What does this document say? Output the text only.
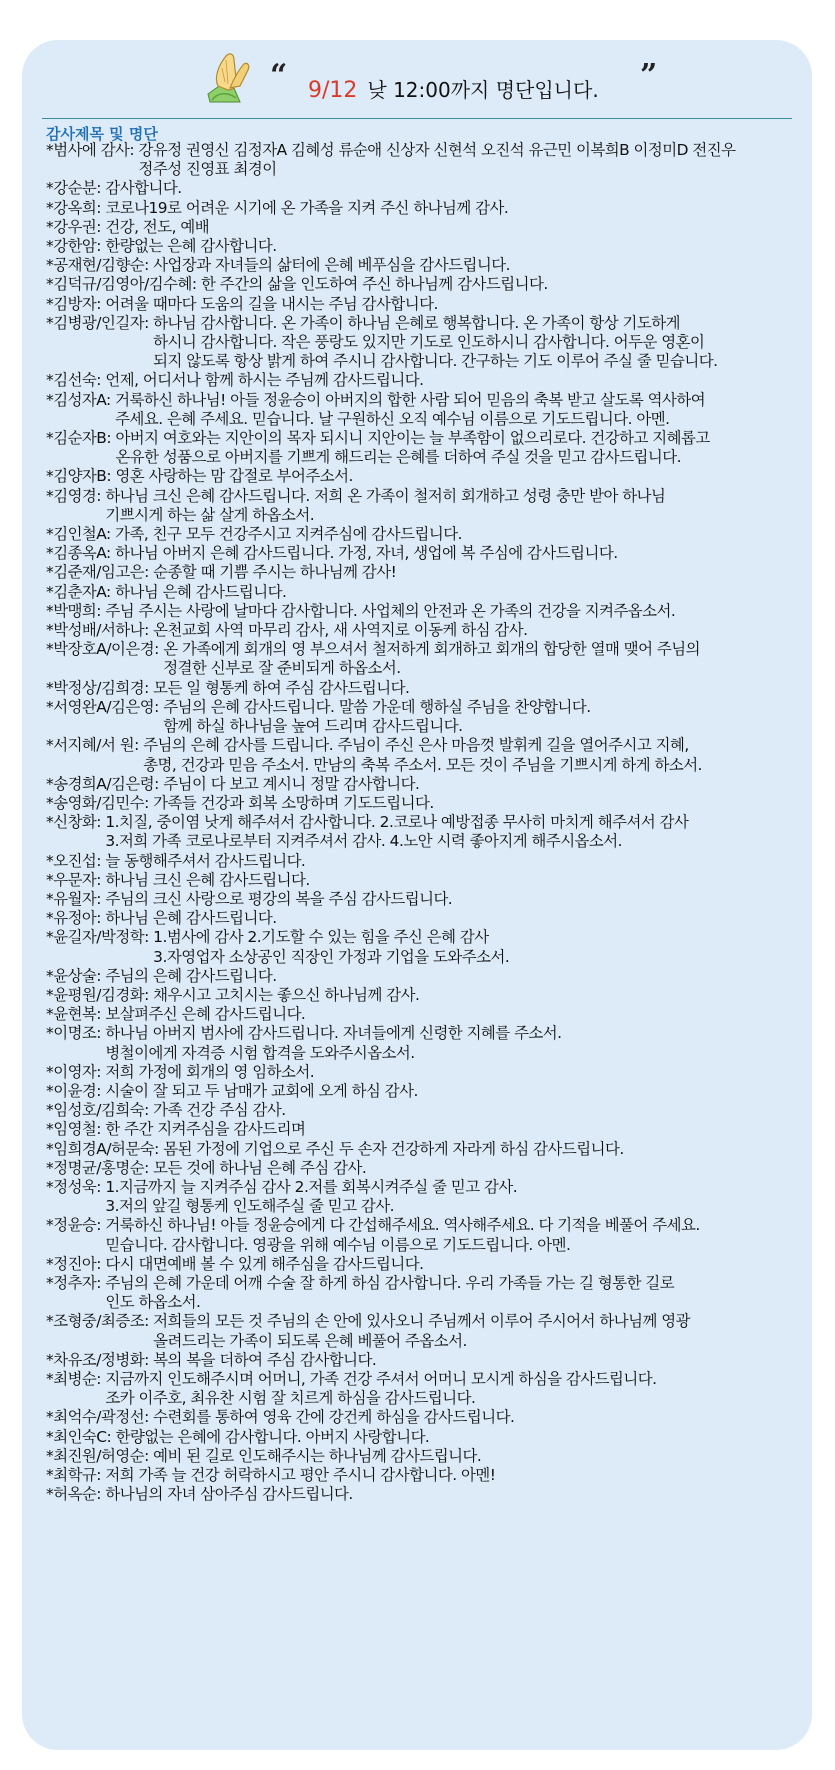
“ 9/12 낮 12:00까지 명단입니다. ”
감사제목 및 명단
*범사에 감사: 강유정 권영신 김정자A 김혜성 류순애 신상자 신현석 오진석 유근민 이복희B 이정미D 전진우
정주성 진영표 최경이
*강순분: 감사합니다.
*강옥희: 코로나19로 어려운 시기에 온 가족을 지켜 주신 하나님께 감사.
*강우권: 건강, 전도, 예배
*강한암: 한량없는 은혜 감사합니다.
*공재현/김향순: 사업장과 자녀들의 삶터에 은혜 베푸심을 감사드립니다.
*김덕규/김영아/김수혜: 한 주간의 삶을 인도하여 주신 하나님께 감사드립니다.
*김방자: 어려울 때마다 도움의 길을 내시는 주님 감사합니다.
*김병광/인길자: 하나님 감사합니다. 온 가족이 하나님 은혜로 행복합니다. 온 가족이 항상 기도하게
하시니 감사합니다. 작은 풍랑도 있지만 기도로 인도하시니 감사합니다. 어두운 영혼이
되지 않도록 항상 밝게 하여 주시니 감사합니다. 간구하는 기도 이루어 주실 줄 믿습니다.
*김선숙: 언제, 어디서나 함께 하시는 주님께 감사드립니다.
*김성자A: 거룩하신 하나님! 아들 정윤승이 아버지의 합한 사람 되어 믿음의 축복 받고 살도록 역사하여
주세요. 은혜 주세요. 믿습니다. 날 구원하신 오직 예수님 이름으로 기도드립니다. 아멘.
*김순자B: 아버지 여호와는 지안이의 목자 되시니 지안이는 늘 부족함이 없으리로다. 건강하고 지혜롭고
온유한 성품으로 아버지를 기쁘게 해드리는 은혜를 더하여 주실 것을 믿고 감사드립니다.
*김양자B: 영혼 사랑하는 맘 갑절로 부어주소서.
*김영경: 하나님 크신 은혜 감사드립니다. 저희 온 가족이 철저히 회개하고 성령 충만 받아 하나님
기쁘시게 하는 삶 살게 하옵소서.
*김인철A: 가족, 친구 모두 건강주시고 지켜주심에 감사드립니다.
*김종옥A: 하나님 아버지 은혜 감사드립니다. 가정, 자녀, 생업에 복 주심에 감사드립니다.
*김준재/임고은: 순종할 때 기쁨 주시는 하나님께 감사!
*김춘자A: 하나님 은혜 감사드립니다.
*박맹희: 주님 주시는 사랑에 날마다 감사합니다. 사업체의 안전과 온 가족의 건강을 지켜주옵소서.
*박성배/서하나: 온천교회 사역 마무리 감사, 새 사역지로 이동케 하심 감사.
*박장호A/이은경: 온 가족에게 회개의 영 부으셔서 철저하게 회개하고 회개의 합당한 열매 맺어 주님의
정결한 신부로 잘 준비되게 하옵소서.
*박정상/김희경: 모든 일 형통케 하여 주심 감사드립니다.
*서영완A/김은영: 주님의 은혜 감사드립니다. 말씀 가운데 행하실 주님을 찬양합니다.
함께 하실 하나님을 높여 드리며 감사드립니다.
*서지혜/서 원: 주님의 은혜 감사를 드립니다. 주님이 주신 은사 마음껏 발휘케 길을 열어주시고 지혜,
총명, 건강과 믿음 주소서. 만남의 축복 주소서. 모든 것이 주님을 기쁘시게 하게 하소서.
*송경희A/김은령: 주님이 다 보고 계시니 정말 감사합니다.
*송영화/김민수: 가족들 건강과 회복 소망하며 기도드립니다.
*신창화: 1.치질, 중이염 낫게 해주셔서 감사합니다. 2.코로나 예방접종 무사히 마치게 해주셔서 감사
3.저희 가족 코로나로부터 지켜주셔서 감사. 4.노안 시력 좋아지게 해주시옵소서.
*오진섭: 늘 동행해주셔서 감사드립니다.
*우문자: 하나님 크신 은혜 감사드립니다.
*유월자: 주님의 크신 사랑으로 평강의 복을 주심 감사드립니다.
*유정아: 하나님 은혜 감사드립니다.
*윤길자/박정학: 1.범사에 감사 2.기도할 수 있는 힘을 주신 은혜 감사
3.자영업자 소상공인 직장인 가정과 기업을 도와주소서.
*윤상술: 주님의 은혜 감사드립니다.
*윤평원/김경화: 채우시고 고치시는 좋으신 하나님께 감사.
*윤현복: 보살펴주신 은혜 감사드립니다.
*이명조: 하나님 아버지 범사에 감사드립니다. 자녀들에게 신령한 지혜를 주소서.
병철이에게 자격증 시험 합격을 도와주시옵소서.
*이영자: 저희 가정에 회개의 영 임하소서.
*이윤경: 시술이 잘 되고 두 남매가 교회에 오게 하심 감사.
*임성호/김희숙: 가족 건강 주심 감사.
*임영철: 한 주간 지켜주심을 감사드리며
*임희경A/허문숙: 몸된 가정에 기업으로 주신 두 손자 건강하게 자라게 하심 감사드립니다.
*정명균/홍명순: 모든 것에 하나님 은혜 주심 감사.
*정성욱: 1.지금까지 늘 지켜주심 감사 2.저를 회복시켜주실 줄 믿고 감사.
3.저의 앞길 형통케 인도해주실 줄 믿고 감사.
*정윤승: 거룩하신 하나님! 아들 정윤승에게 다 간섭해주세요. 역사해주세요. 다 기적을 베풀어 주세요.
믿습니다. 감사합니다. 영광을 위해 예수님 이름으로 기도드립니다. 아멘.
*정진아: 다시 대면예배 볼 수 있게 해주심을 감사드립니다.
*정추자: 주님의 은혜 가운데 어깨 수술 잘 하게 하심 감사합니다. 우리 가족들 가는 길 형통한 길로
인도 하옵소서.
*조형중/최증조: 저희들의 모든 것 주님의 손 안에 있사오니 주님께서 이루어 주시어서 하나님께 영광
올려드리는 가족이 되도록 은혜 베풀어 주옵소서.
*차유조/정병화: 복의 복을 더하여 주심 감사합니다.
*최병순: 지금까지 인도해주시며 어머니, 가족 건강 주셔서 어머니 모시게 하심을 감사드립니다.
조카 이주호, 최유찬 시험 잘 치르게 하심을 감사드립니다.
*최억수/곽정선: 수련회를 통하여 영육 간에 강건케 하심을 감사드립니다.
*최인숙C: 한량없는 은혜에 감사합니다. 아버지 사랑합니다.
*최진원/허영순: 예비 된 길로 인도해주시는 하나님께 감사드립니다.
*최학규: 저희 가족 늘 건강 허락하시고 평안 주시니 감사합니다. 아멘!
*허옥순: 하나님의 자녀 삼아주심 감사드립니다.
